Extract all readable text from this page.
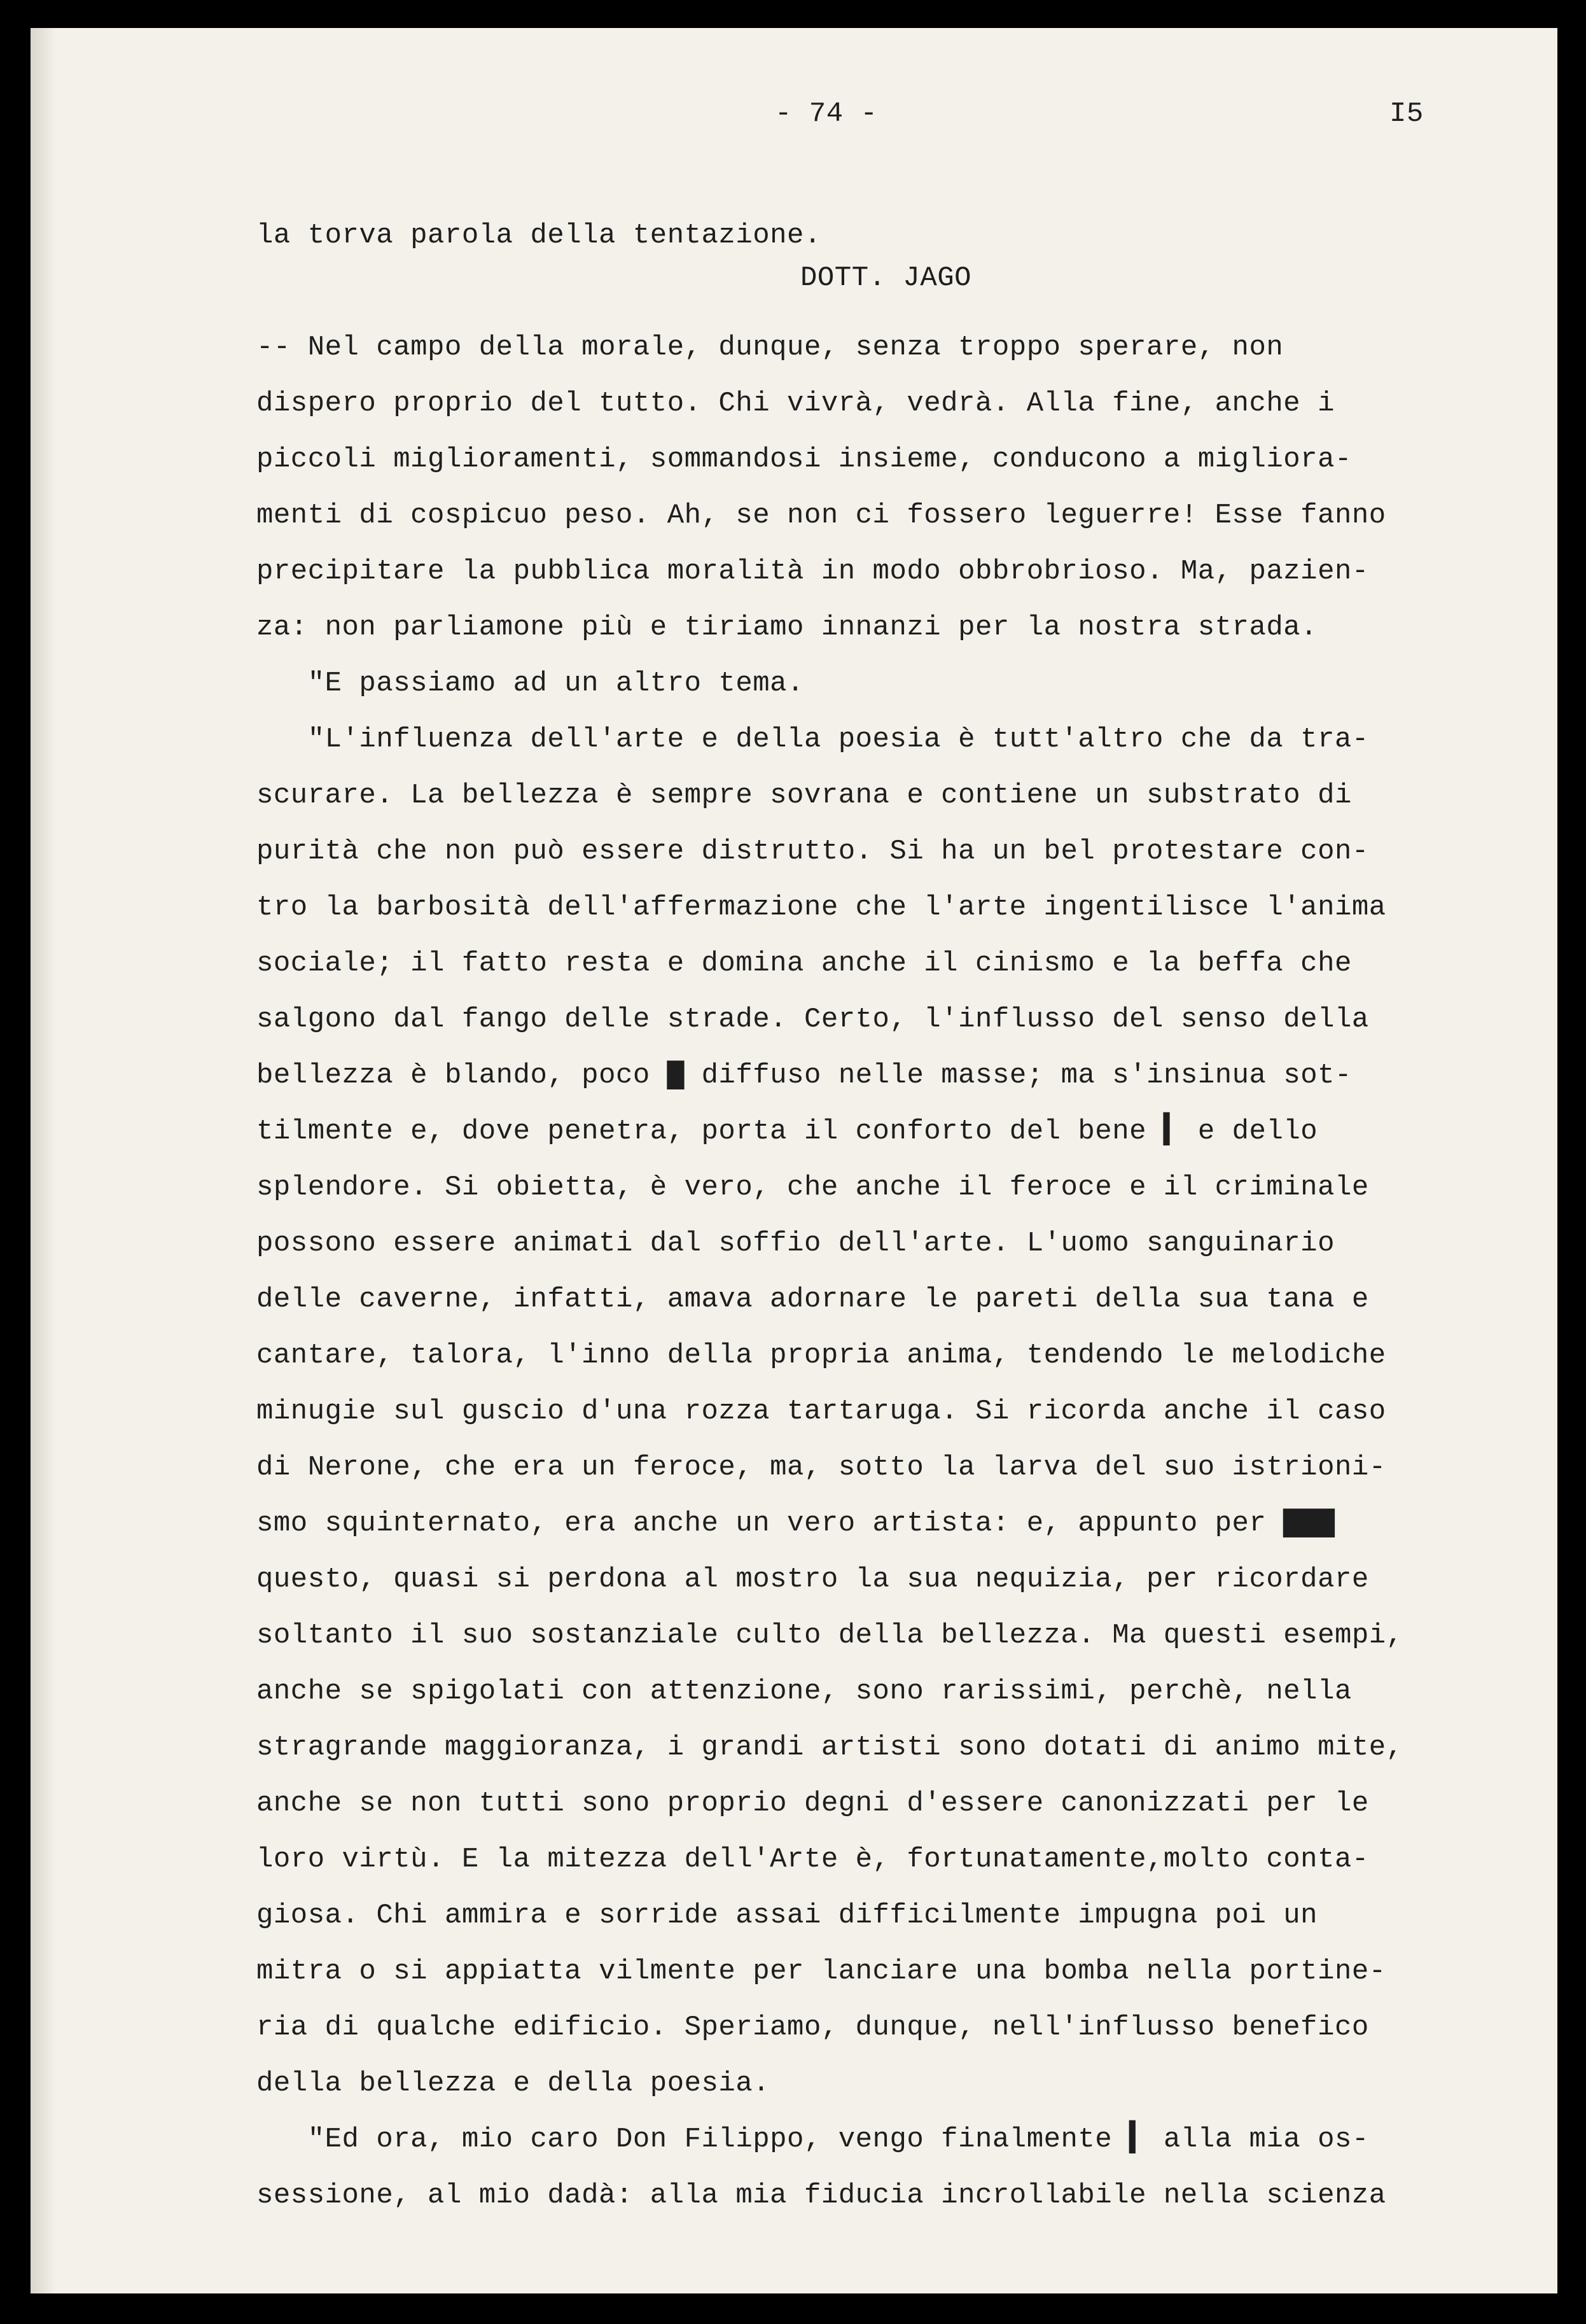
- 74 -	I5
DOTT. JAGO
la torva parola della tentazione.
-- Nel campo della morale, dunque, senza troppo sperare, non
dispero proprio del tutto. Chi vivrà, vedrà. Alla fine, anche i
piccoli miglioramenti, sommandosi insieme, conducono a migliora-
menti di cospicuo peso. Ah, se non ci fossero leguerre! Esse fanno
precipitare la pubblica moralità in modo obbrobrioso. Ma, pazien-
za: non parliamone più e tiriamo innanzi per la nostra strada.
"E passiamo ad un altro tema.
"L'influenza dell'arte e della poesia è tutt'altro che da tra-
scurare. La bellezza è sempre sovrana e contiene un substrato di
purità che non può essere distrutto. Si ha un bel protestare con-
tro la barbosità dell'affermazione che l'arte ingentilisce l'anima
sociale; il fatto resta e domina anche il cinismo e la beffa che
salgono dal fango delle strade. Certo, l'influsso del senso della
bellezza è blando, poco ▇ diffuso nelle masse; ma s'insinua sot-
tilmente e, dove penetra, porta il conforto del bene ▍ e dello
splendore. Si obietta, è vero, che anche il feroce e il criminale
possono essere animati dal soffio dell'arte. L'uomo sanguinario
delle caverne, infatti, amava adornare le pareti della sua tana e
cantare, talora, l'inno della propria anima, tendendo le melodiche
minugie sul guscio d'una rozza tartaruga. Si ricorda anche il caso
di Nerone, che era un feroce, ma, sotto la larva del suo istrioni-
smo squinternato, era anche un vero artista: e, appunto per ▇▇▇
questo, quasi si perdona al mostro la sua nequizia, per ricordare
soltanto il suo sostanziale culto della bellezza. Ma questi esempi,
anche se spigolati con attenzione, sono rarissimi, perchè, nella
stragrande maggioranza, i grandi artisti sono dotati di animo mite,
anche se non tutti sono proprio degni d'essere canonizzati per le
loro virtù. E la mitezza dell'Arte è, fortunatamente,molto conta-
giosa. Chi ammira e sorride assai difficilmente impugna poi un
mitra o si appiatta vilmente per lanciare una bomba nella portine-
ria di qualche edificio. Speriamo, dunque, nell'influsso benefico
della bellezza e della poesia.
"Ed ora, mio caro Don Filippo, vengo finalmente ▍ alla mia os-
sessione, al mio dadà: alla mia fiducia incrollabile nella scienza
